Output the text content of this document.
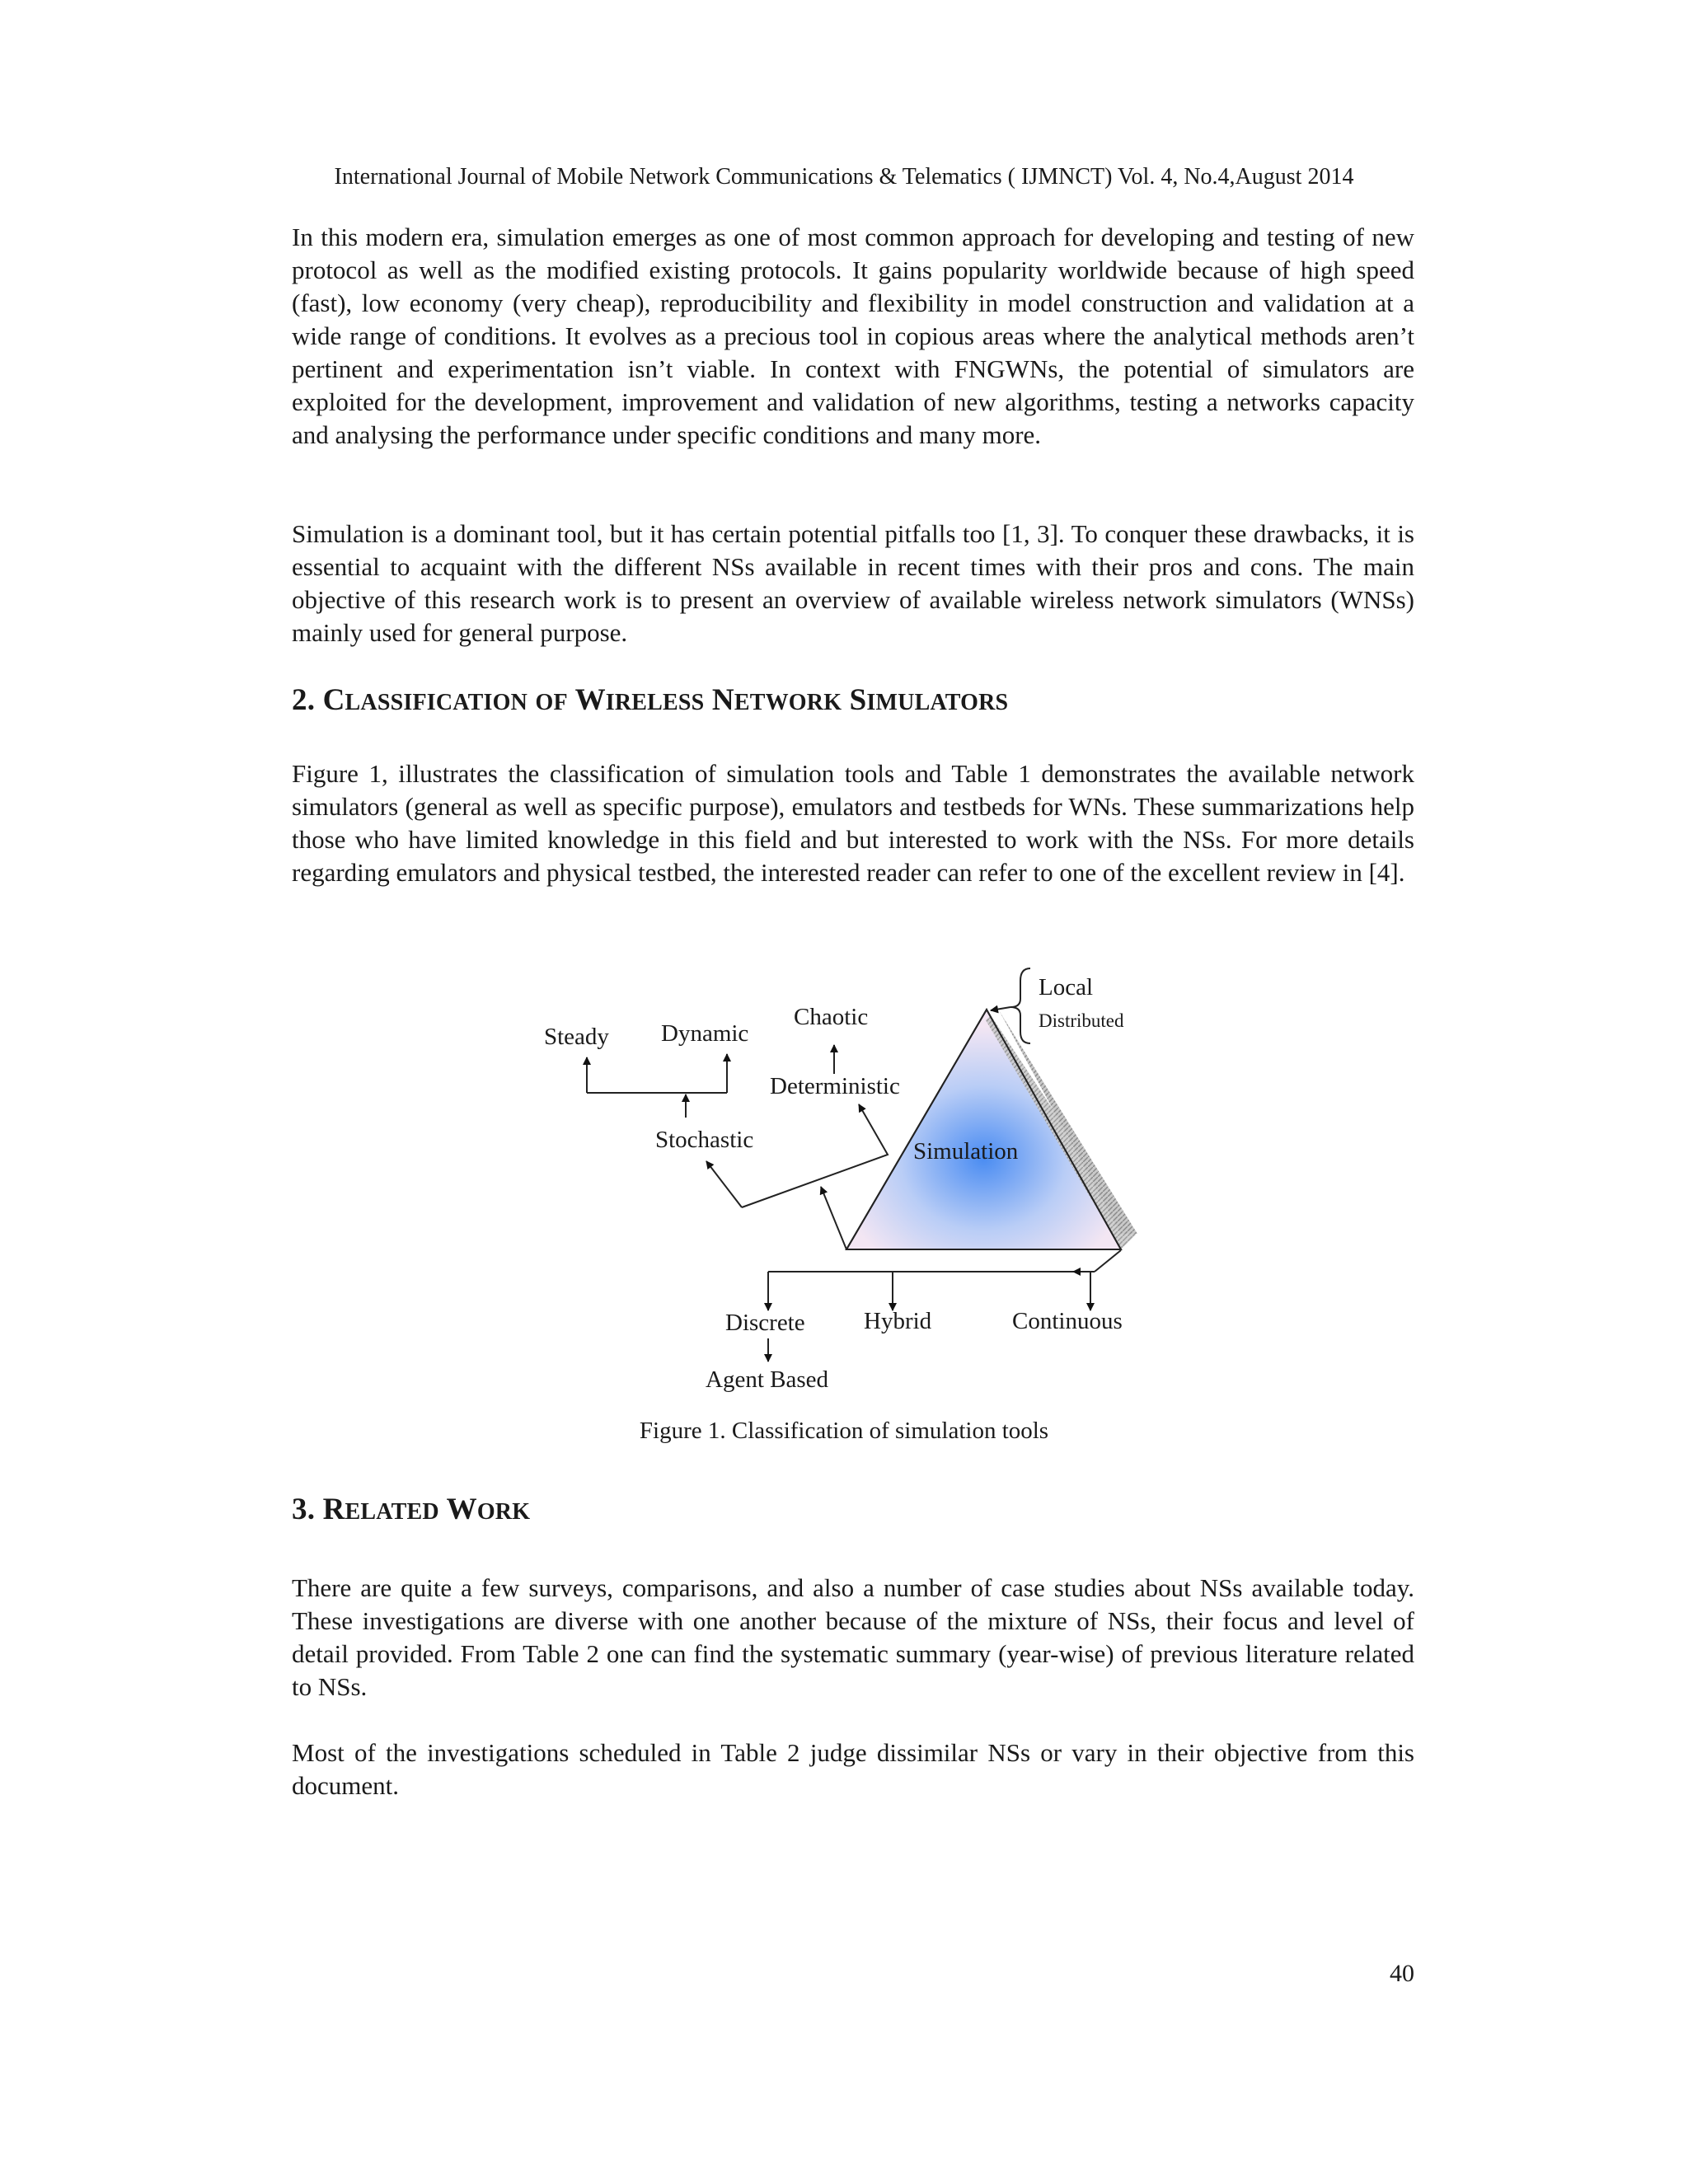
International Journal of Mobile Network Communications & Telematics ( IJMNCT) Vol. 4, No.4,August 2014

In this modern era, simulation emerges as one of most common approach for developing and testing of new protocol as well as the modified existing protocols. It gains popularity worldwide because of high speed (fast), low economy (very cheap), reproducibility and flexibility in model construction and validation at a wide range of conditions. It evolves as a precious tool in copious areas where the analytical methods aren’t pertinent and experimentation isn’t viable. In context with FNGWNs, the potential of simulators are exploited for the development, improvement and validation of new algorithms, testing a networks capacity and analysing the performance under specific conditions and many more.

Simulation is a dominant tool, but it has certain potential pitfalls too [1, 3]. To conquer these drawbacks, it is essential to acquaint with the different NSs available in recent times with their pros and cons. The main objective of this research work is to present an overview of available wireless network simulators (WNSs) mainly used for general purpose.

2. CLASSIFICATION OF WIRELESS NETWORK SIMULATORS

Figure 1, illustrates the classification of simulation tools and Table 1 demonstrates the available network simulators (general as well as specific purpose), emulators and testbeds for WNs. These summarizations help those who have limited knowledge in this field and but interested to work with the NSs. For more details regarding emulators and physical testbed, the interested reader can refer to one of the excellent review in [4].

Steady Dynamic
Chaotic
Deterministic
Stochastic	Simulation
Local
Distributed
Discrete Hybrid	Continuous
Agent Based
Figure 1. Classification of simulation tools
3. RELATED WORK

There are quite a few surveys, comparisons, and also a number of case studies about NSs available today. These investigations are diverse with one another because of the mixture of NSs, their focus and level of detail provided. From Table 2 one can find the systematic summary (year-wise) of previous literature related to NSs.

Most of the investigations scheduled in Table 2 judge dissimilar NSs or vary in their objective from this document.

40
